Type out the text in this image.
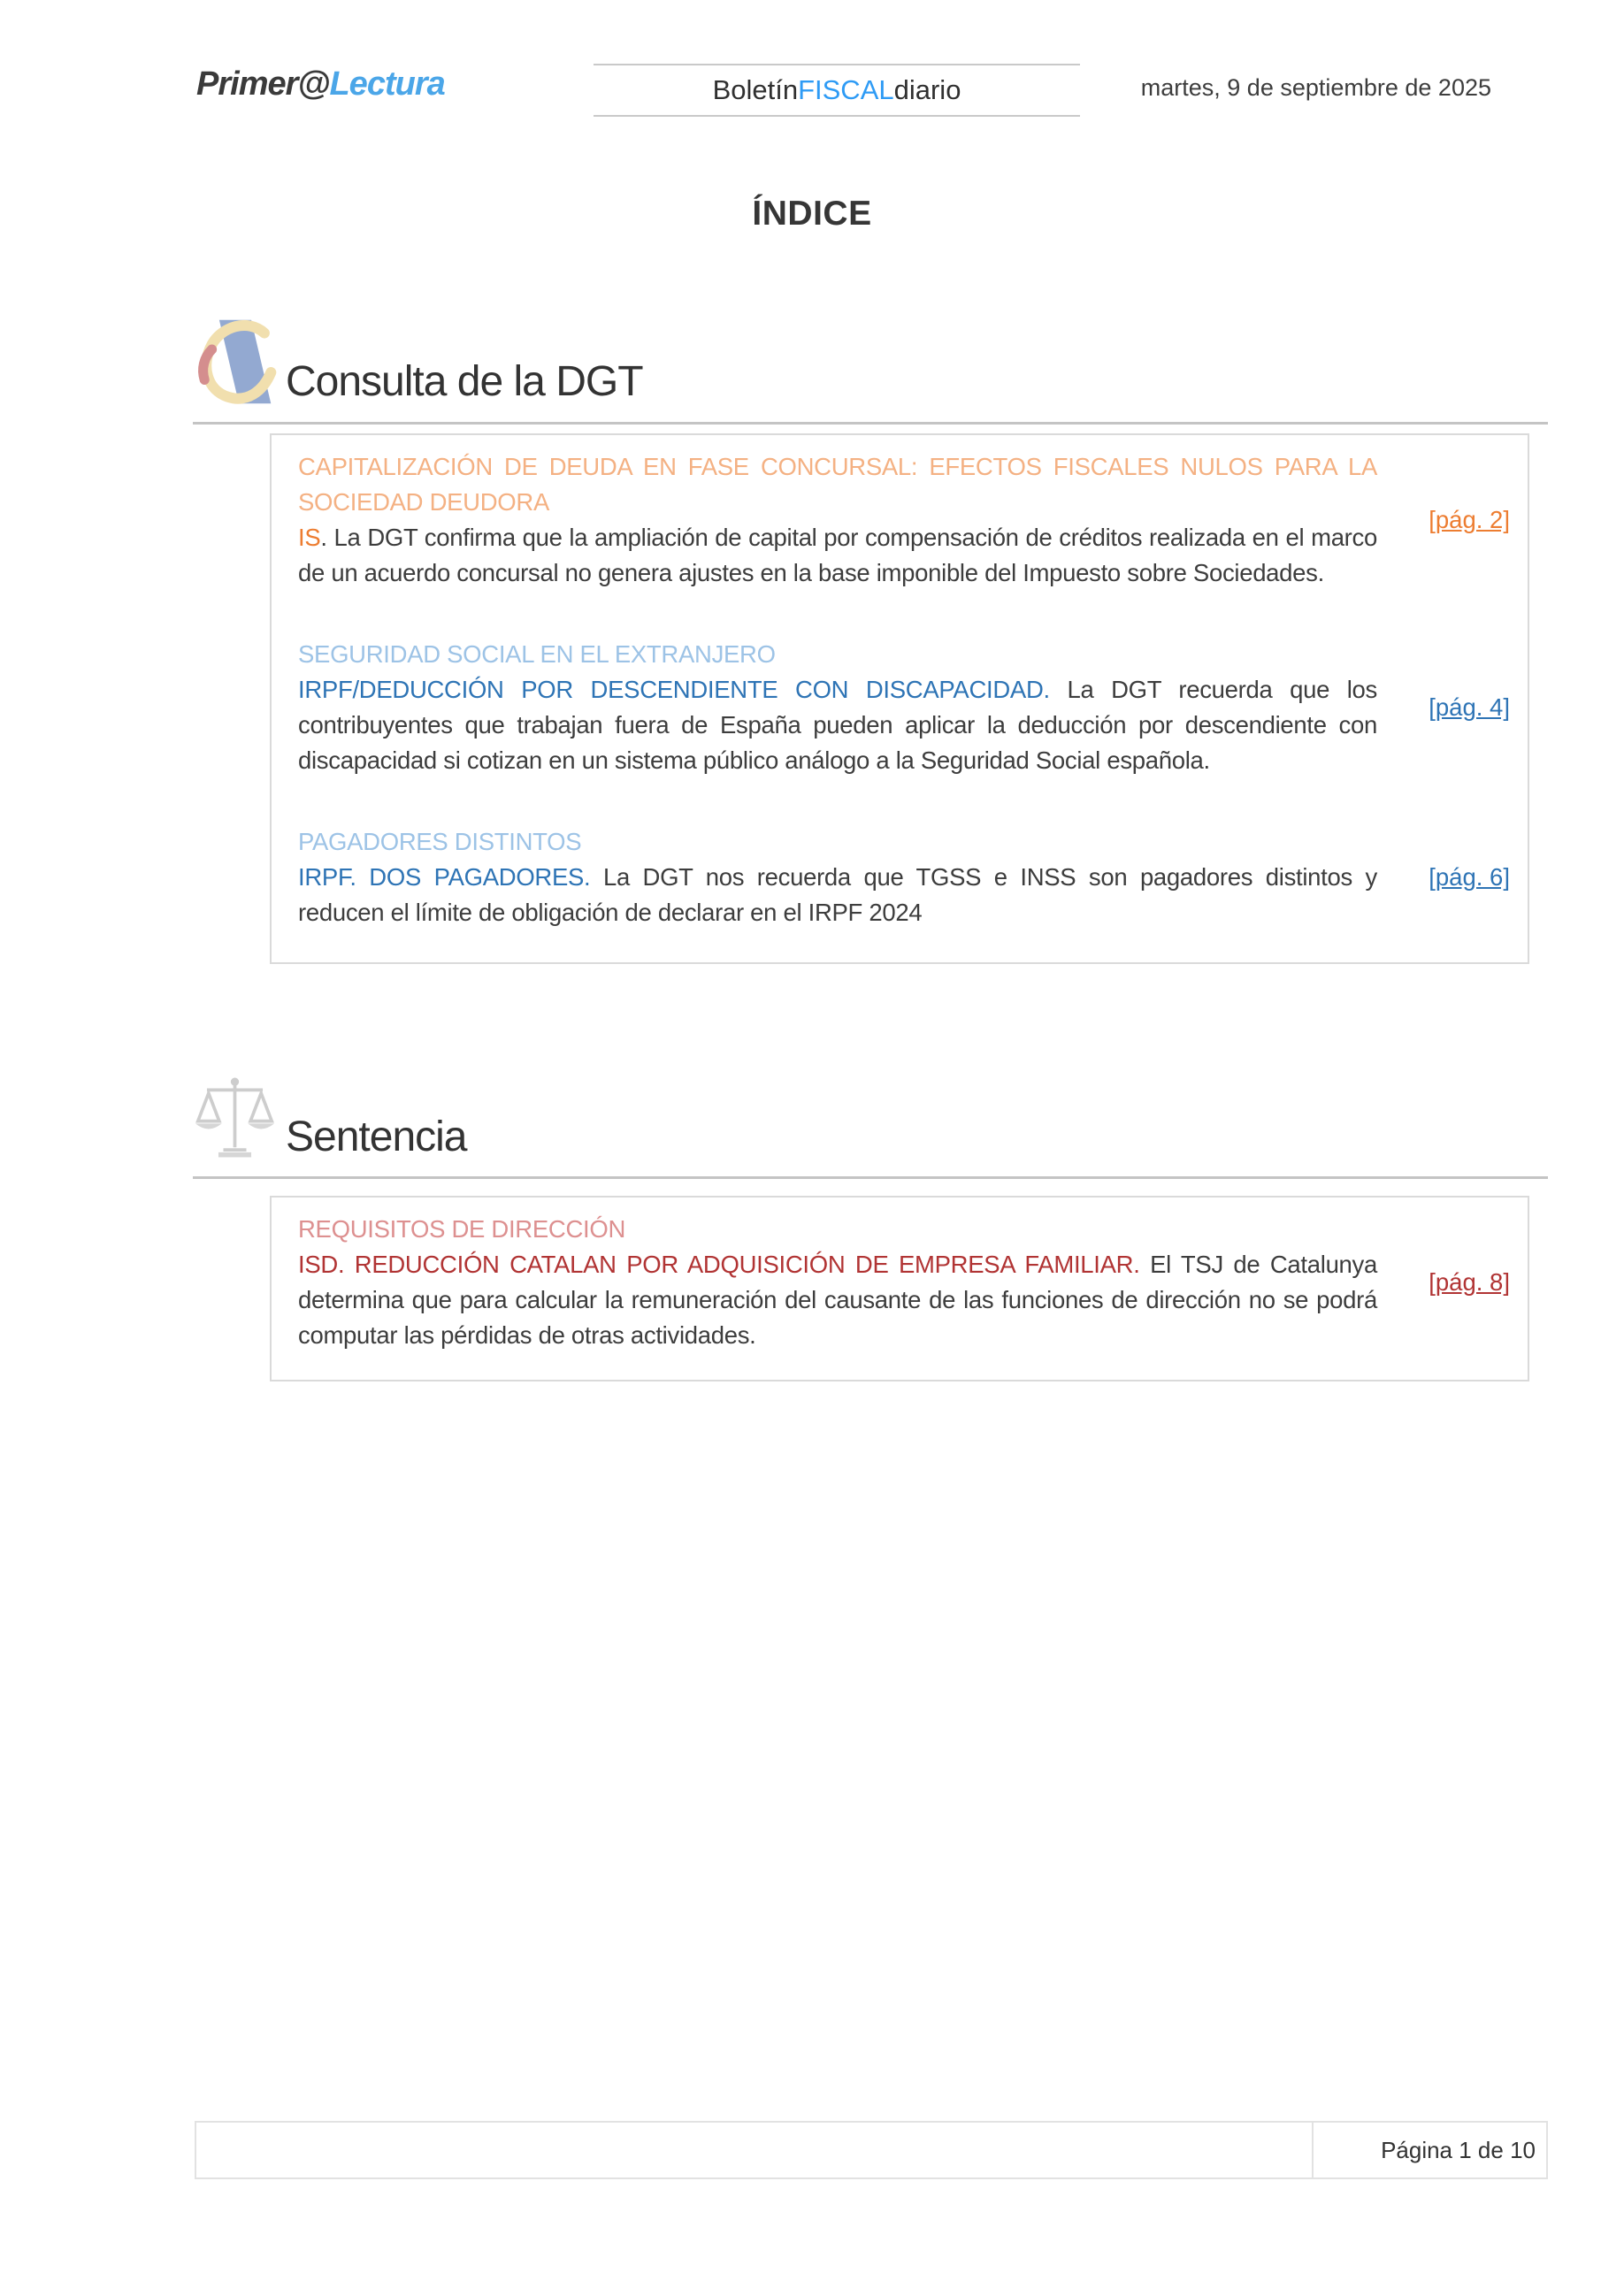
Primer@Lectura	Boletín FISCAL diario	martes, 9 de septiembre de 2025
ÍNDICE
Consulta de la DGT
CAPITALIZACIÓN DE DEUDA EN FASE CONCURSAL: EFECTOS FISCALES NULOS PARA LA SOCIEDAD DEUDORA

IS. La DGT confirma que la ampliación de capital por compensación de créditos realizada en el marco de un acuerdo concursal no genera ajustes en la base imponible del Impuesto sobre Sociedades.

[pág. 2]
SEGURIDAD SOCIAL EN EL EXTRANJERO

IRPF/DEDUCCIÓN POR DESCENDIENTE CON DISCAPACIDAD. La DGT recuerda que los contribuyentes que trabajan fuera de España pueden aplicar la deducción por descendiente con discapacidad si cotizan en un sistema público análogo a la Seguridad Social española.

[pág. 4]
PAGADORES DISTINTOS

IRPF. DOS PAGADORES. La DGT nos recuerda que TGSS e INSS son pagadores distintos y reducen el límite de obligación de declarar en el IRPF 2024

[pág. 6]
Sentencia
REQUISITOS DE DIRECCIÓN

ISD. REDUCCIÓN CATALAN POR ADQUISICIÓN DE EMPRESA FAMILIAR. El TSJ de Catalunya determina que para calcular la remuneración del causante de las funciones de dirección no se podrá computar las pérdidas de otras actividades.

[pág. 8]
Página 1 de 10
